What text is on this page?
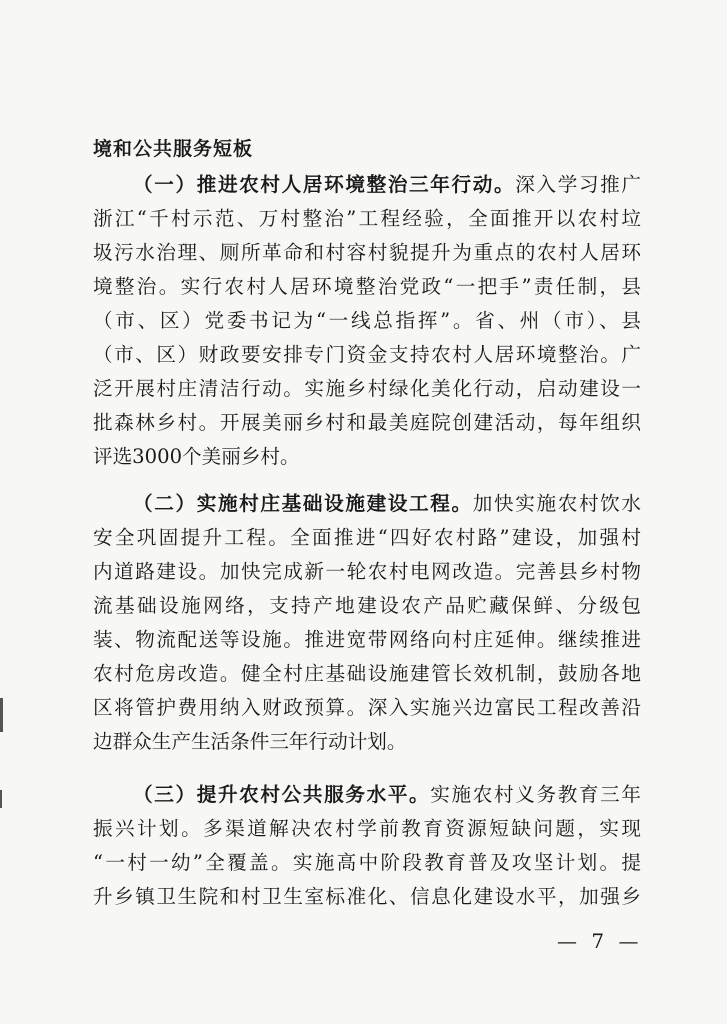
境和公共服务短板
（一）推进农村人居环境整治三年行动。深入学习推广
浙江“千村示范、万村整治”工程经验，全面推开以农村垃
圾污水治理、厕所革命和村容村貌提升为重点的农村人居环
境整治。实行农村人居环境整治党政“一把手”责任制，县
（市、区）党委书记为“一线总指挥”。省、州（市）、县
（市、区）财政要安排专门资金支持农村人居环境整治。广
泛开展村庄清洁行动。实施乡村绿化美化行动，启动建设一
批森林乡村。开展美丽乡村和最美庭院创建活动，每年组织
评选3000个美丽乡村。
（二）实施村庄基础设施建设工程。加快实施农村饮水
安全巩固提升工程。全面推进“四好农村路”建设，加强村
内道路建设。加快完成新一轮农村电网改造。完善县乡村物
流基础设施网络，支持产地建设农产品贮藏保鲜、分级包
装、物流配送等设施。推进宽带网络向村庄延伸。继续推进
农村危房改造。健全村庄基础设施建管长效机制，鼓励各地
区将管护费用纳入财政预算。深入实施兴边富民工程改善沿
边群众生产生活条件三年行动计划。
（三）提升农村公共服务水平。实施农村义务教育三年
振兴计划。多渠道解决农村学前教育资源短缺问题，实现
“一村一幼”全覆盖。实施高中阶段教育普及攻坚计划。提
升乡镇卫生院和村卫生室标准化、信息化建设水平，加强乡
— 7 —
